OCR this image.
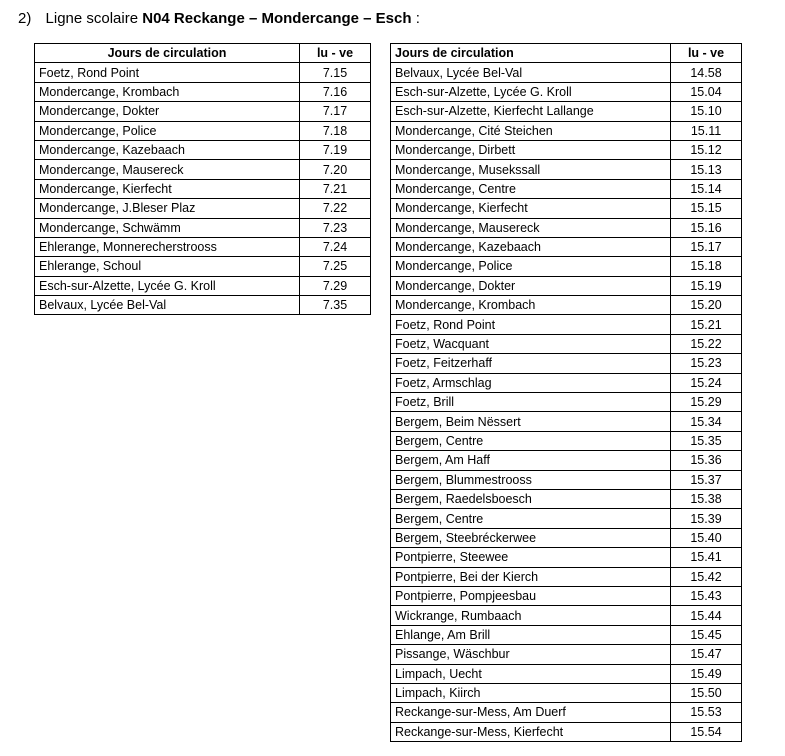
2) Ligne scolaire N04 Reckange – Mondercange – Esch :
Jours de circulation	lu - ve
Foetz, Rond Point	7.15
Mondercange, Krombach	7.16
Mondercange, Dokter	7.17
Mondercange, Police	7.18
Mondercange, Kazebaach	7.19
Mondercange, Mausereck	7.20
Mondercange, Kierfecht	7.21
Mondercange, J.Bleser Plaz	7.22
Mondercange, Schwämm	7.23
Ehlerange, Monnerecherstrooss	7.24
Ehlerange, Schoul	7.25
Esch-sur-Alzette, Lycée G. Kroll	7.29
Belvaux, Lycée Bel-Val	7.35
Jours de circulation	lu - ve
Belvaux, Lycée Bel-Val	14.58
Esch-sur-Alzette, Lycée G. Kroll	15.04
Esch-sur-Alzette, Kierfecht Lallange	15.10
Mondercange, Cité Steichen	15.11
Mondercange, Dirbett	15.12
Mondercange, Musekssall	15.13
Mondercange, Centre	15.14
Mondercange, Kierfecht	15.15
Mondercange, Mausereck	15.16
Mondercange, Kazebaach	15.17
Mondercange, Police	15.18
Mondercange, Dokter	15.19
Mondercange, Krombach	15.20
Foetz, Rond Point	15.21
Foetz, Wacquant	15.22
Foetz, Feitzerhaff	15.23
Foetz, Armschlag	15.24
Foetz, Brill	15.29
Bergem, Beim Nëssert	15.34
Bergem, Centre	15.35
Bergem, Am Haff	15.36
Bergem, Blummestrooss	15.37
Bergem, Raedelsboesch	15.38
Bergem, Centre	15.39
Bergem, Steebréckerwee	15.40
Pontpierre, Steewee	15.41
Pontpierre, Bei der Kierch	15.42
Pontpierre, Pompjeesbau	15.43
Wickrange, Rumbaach	15.44
Ehlange, Am Brill	15.45
Pissange, Wäschbur	15.47
Limpach, Uecht	15.49
Limpach, Kiirch	15.50
Reckange-sur-Mess, Am Duerf	15.53
Reckange-sur-Mess, Kierfecht	15.54
